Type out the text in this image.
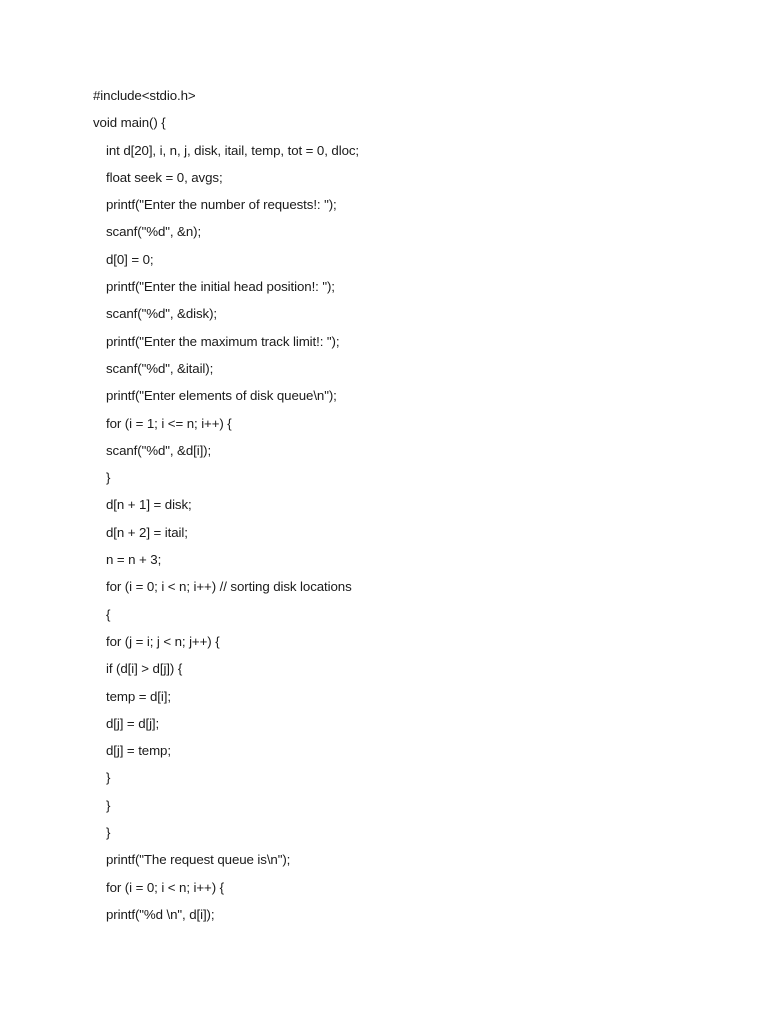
#include<stdio.h>
void main() {
int d[20], i, n, j, disk, itail, temp, tot = 0, dloc;
float seek = 0, avgs;
printf("Enter the number of requests!: ");
scanf("%d", &n);
d[0] = 0;
printf("Enter the initial head position!: ");
scanf("%d", &disk);
printf("Enter the maximum track limit!: ");
scanf("%d", &itail);
printf("Enter elements of disk queue\n");
for (i = 1; i <= n; i++) {
scanf("%d", &d[i]);
}
d[n + 1] = disk;
d[n + 2] = itail;
n = n + 3;
for (i = 0; i < n; i++) // sorting disk locations
{
for (j = i; j < n; j++) {
if (d[i] > d[j]) {
temp = d[i];
d[j] = d[j];
d[j] = temp;
}
}
}
printf("The request queue is\n");
for (i = 0; i < n; i++) {
printf("%d \n", d[i]);
